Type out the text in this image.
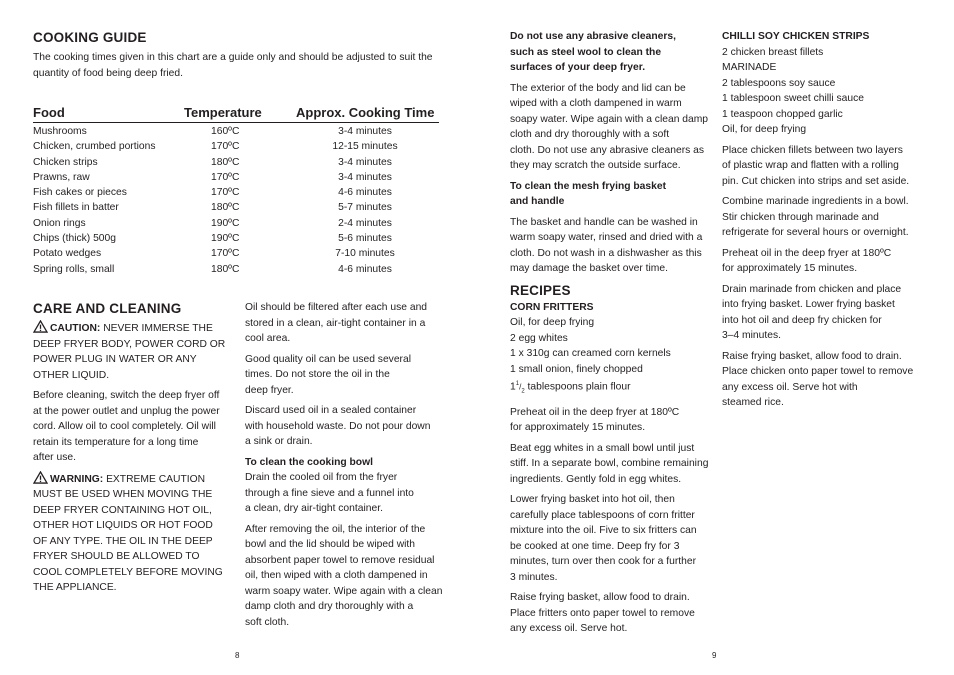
COOKING GUIDE
The cooking times given in this chart are a guide only and should be adjusted to suit the
quantity of food being deep fried.
Food	Temperature	Approx. Cooking Time
Mushrooms	160ºC	3-4 minutes
Chicken, crumbed portions	170ºC	12-15 minutes
Chicken strips	180ºC	3-4 minutes
Prawns, raw	170ºC	3-4 minutes
Fish cakes or pieces	170ºC	4-6 minutes
Fish fillets in batter	180ºC	5-7 minutes
Onion rings	190ºC	2-4 minutes
Chips (thick) 500g	190ºC	5-6 minutes
Potato wedges	170ºC	7-10 minutes
Spring rolls, small	180ºC	4-6 minutes
CARE AND CLEANING

CAUTION: NEVER IMMERSE THE
DEEP FRYER BODY, POWER CORD OR
POWER PLUG IN WATER OR ANY
OTHER LIQUID.

Before cleaning, switch the deep fryer off
at the power outlet and unplug the power
cord. Allow oil to cool completely. Oil will
retain its temperature for a long time
after use.

WARNING: EXTREME CAUTION
MUST BE USED WHEN MOVING THE
DEEP FRYER CONTAINING HOT OIL,
OTHER HOT LIQUIDS OR HOT FOOD
OF ANY TYPE. THE OIL IN THE DEEP
FRYER SHOULD BE ALLOWED TO
COOL COMPLETELY BEFORE MOVING
THE APPLIANCE.

Oil should be filtered after each use and
stored in a clean, air-tight container in a
cool area.

Good quality oil can be used several
times. Do not store the oil in the
deep fryer.

Discard used oil in a sealed container
with household waste. Do not pour down
a sink or drain.

To clean the cooking bowl

Drain the cooled oil from the fryer
through a fine sieve and a funnel into
a clean, dry air-tight container.

After removing the oil, the interior of the
bowl and the lid should be wiped with
absorbent paper towel to remove residual
oil, then wiped with a cloth dampened in
warm soapy water. Wipe again with a clean
damp cloth and dry thoroughly with a
soft cloth.

8

Do not use any abrasive cleaners,
such as steel wool to clean the
surfaces of your deep fryer.

The exterior of the body and lid can be
wiped with a cloth dampened in warm
soapy water. Wipe again with a clean damp
cloth and dry thoroughly with a soft
cloth. Do not use any abrasive cleaners as
they may scratch the outside surface.

To clean the mesh frying basket
and handle

The basket and handle can be washed in
warm soapy water, rinsed and dried with a
cloth. Do not wash in a dishwasher as this
may damage the basket over time.

RECIPES

CORN FRITTERS
Oil, for deep frying
2 egg whites
1 x 310g can creamed corn kernels
1 small onion, finely chopped
$1^1/_2$ tablespoons plain flour

Preheat oil in the deep fryer at 180ºC
for approximately 15 minutes.

Beat egg whites in a small bowl until just
stiff. In a separate bowl, combine remaining
ingredients. Gently fold in egg whites.

Lower frying basket into hot oil, then
carefully place tablespoons of corn fritter
mixture into the oil. Five to six fritters can
be cooked at one time. Deep fry for 3
minutes, turn over then cook for a further
3 minutes.

Raise frying basket, allow food to drain.
Place fritters onto paper towel to remove
any excess oil. Serve hot.

CHILLI SOY CHICKEN STRIPS
2 chicken breast fillets
MARINADE
2 tablespoons soy sauce
1 tablespoon sweet chilli sauce
1 teaspoon chopped garlic
Oil, for deep frying

Place chicken fillets between two layers
of plastic wrap and flatten with a rolling
pin. Cut chicken into strips and set aside.

Combine marinade ingredients in a bowl.
Stir chicken through marinade and
refrigerate for several hours or overnight.

Preheat oil in the deep fryer at 180ºC
for approximately 15 minutes.

Drain marinade from chicken and place
into frying basket. Lower frying basket
into hot oil and deep fry chicken for
3–4 minutes.

Raise frying basket, allow food to drain.
Place chicken onto paper towel to remove
any excess oil. Serve hot with
steamed rice.

9
